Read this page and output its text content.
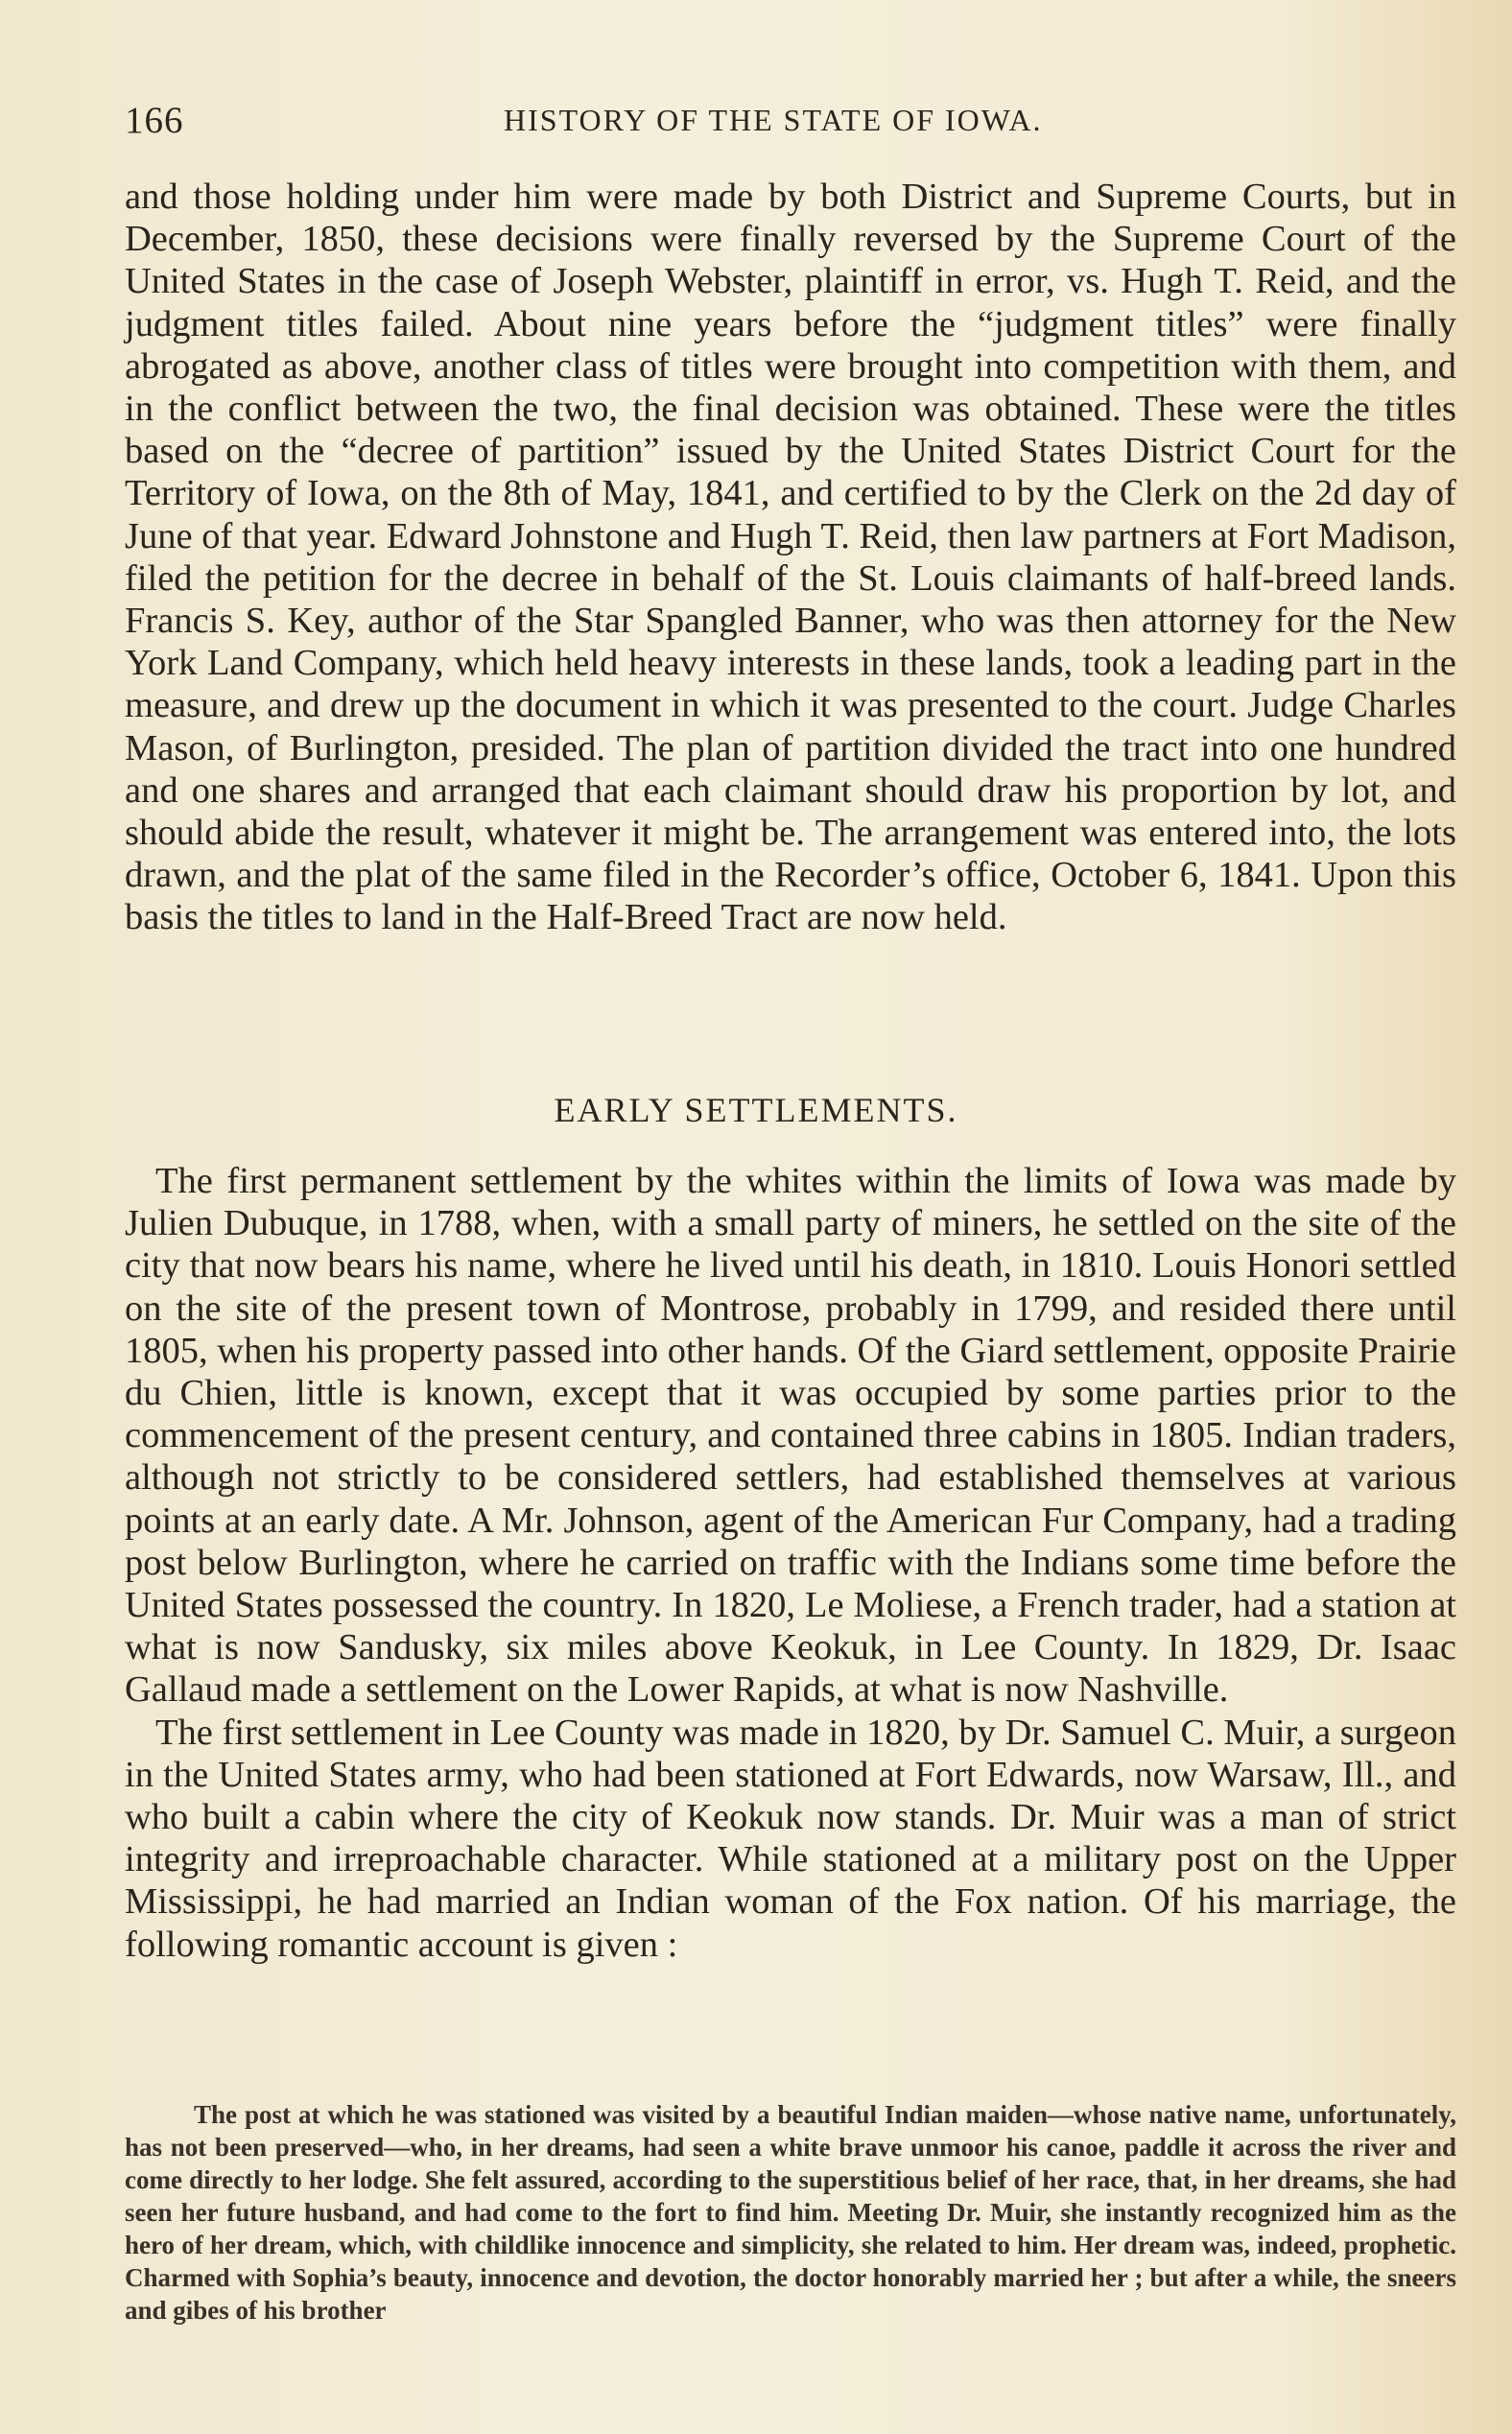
166	HISTORY OF THE STATE OF IOWA.

and those holding under him were made by both District and Supreme Courts, but in December, 1850, these decisions were finally reversed by the Supreme Court of the United States in the case of Joseph Webster, plaintiff in error, vs. Hugh T. Reid, and the judgment titles failed. About nine years before the “judgment titles” were finally abrogated as above, another class of titles were brought into competition with them, and in the conflict between the two, the final decision was obtained. These were the titles based on the “decree of partition” issued by the United States District Court for the Territory of Iowa, on the 8th of May, 1841, and certified to by the Clerk on the 2d day of June of that year. Edward Johnstone and Hugh T. Reid, then law partners at Fort Madison, filed the petition for the decree in behalf of the St. Louis claimants of half-breed lands. Francis S. Key, author of the Star Spangled Banner, who was then attorney for the New York Land Company, which held heavy interests in these lands, took a leading part in the measure, and drew up the document in which it was presented to the court. Judge Charles Mason, of Burlington, presided. The plan of partition divided the tract into one hundred and one shares and arranged that each claimant should draw his proportion by lot, and should abide the result, whatever it might be. The arrangement was entered into, the lots drawn, and the plat of the same filed in the Recorder’s office, October 6, 1841. Upon this basis the titles to land in the Half-Breed Tract are now held.

EARLY SETTLEMENTS.

The first permanent settlement by the whites within the limits of Iowa was made by Julien Dubuque, in 1788, when, with a small party of miners, he settled on the site of the city that now bears his name, where he lived until his death, in 1810. Louis Honori settled on the site of the present town of Montrose, probably in 1799, and resided there until 1805, when his property passed into other hands. Of the Giard settlement, opposite Prairie du Chien, little is known, except that it was occupied by some parties prior to the commencement of the present century, and contained three cabins in 1805. Indian traders, although not strictly to be considered settlers, had established themselves at various points at an early date. A Mr. Johnson, agent of the American Fur Company, had a trading post below Burlington, where he carried on traffic with the Indians some time before the United States possessed the country. In 1820, Le Moliese, a French trader, had a station at what is now Sandusky, six miles above Keokuk, in Lee County. In 1829, Dr. Isaac Gallaud made a settlement on the Lower Rapids, at what is now Nashville.

The first settlement in Lee County was made in 1820, by Dr. Samuel C. Muir, a surgeon in the United States army, who had been stationed at Fort Edwards, now Warsaw, Ill., and who built a cabin where the city of Keokuk now stands. Dr. Muir was a man of strict integrity and irreproachable character. While stationed at a military post on the Upper Mississippi, he had married an Indian woman of the Fox nation. Of his marriage, the following romantic account is given :

The post at which he was stationed was visited by a beautiful Indian maiden—whose native name, unfortunately, has not been preserved—who, in her dreams, had seen a white brave unmoor his canoe, paddle it across the river and come directly to her lodge. She felt assured, according to the superstitious belief of her race, that, in her dreams, she had seen her future husband, and had come to the fort to find him. Meeting Dr. Muir, she instantly recognized him as the hero of her dream, which, with childlike innocence and simplicity, she related to him. Her dream was, indeed, prophetic. Charmed with Sophia’s beauty, innocence and devotion, the doctor honorably married her ; but after a while, the sneers and gibes of his brother
